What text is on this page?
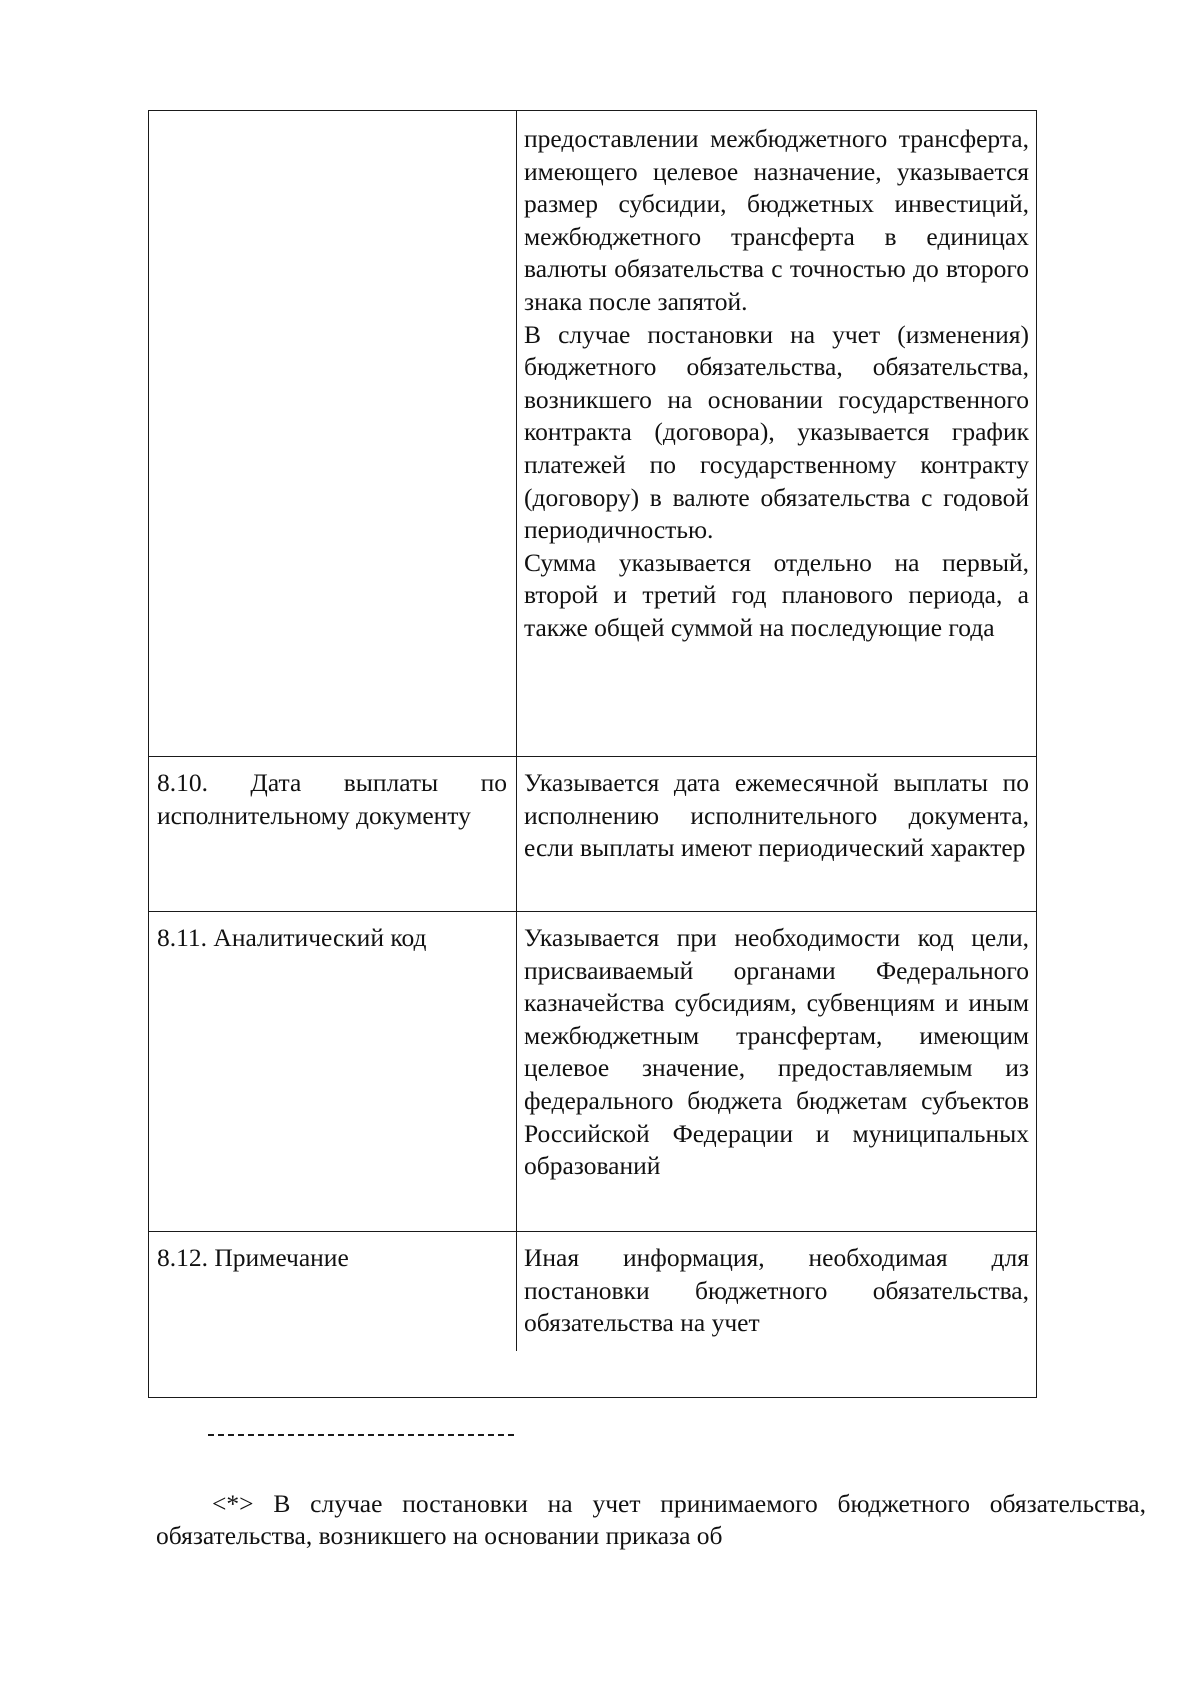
предоставлении межбюджетного трансферта, имеющего целевое назначение, указывается размер субсидии, бюджетных инвестиций, межбюджетного трансферта в единицах валюты обязательства с точностью до второго знака после запятой.

В случае постановки на учет (изменения) бюджетного обязательства, обязательства, возникшего на основании государственного контракта (договора), указывается график платежей по государственному контракту (договору) в валюте обязательства с годовой периодичностью.

Сумма указывается отдельно на первый, второй и третий год планового периода, а также общей суммой на последующие года

8.10. Дата выплаты по исполнительному документу

Указывается дата ежемесячной выплаты по исполнению исполнительного документа, если выплаты имеют периодический характер

8.11. Аналитический код	Указывается при необходимости код цели, присваиваемый органами Федерального казначейства субсидиям, субвенциям и иным межбюджетным трансфертам, имеющим целевое значение, предоставляемым из федерального бюджета бюджетам субъектов Российской Федерации и муниципальных образований

8.12. Примечание	Иная информация, необходимая для постановки бюджетного обязательства, обязательства на учет

<*> В случае постановки на учет принимаемого бюджетного обязательства, обязательства, возникшего на основании приказа об
